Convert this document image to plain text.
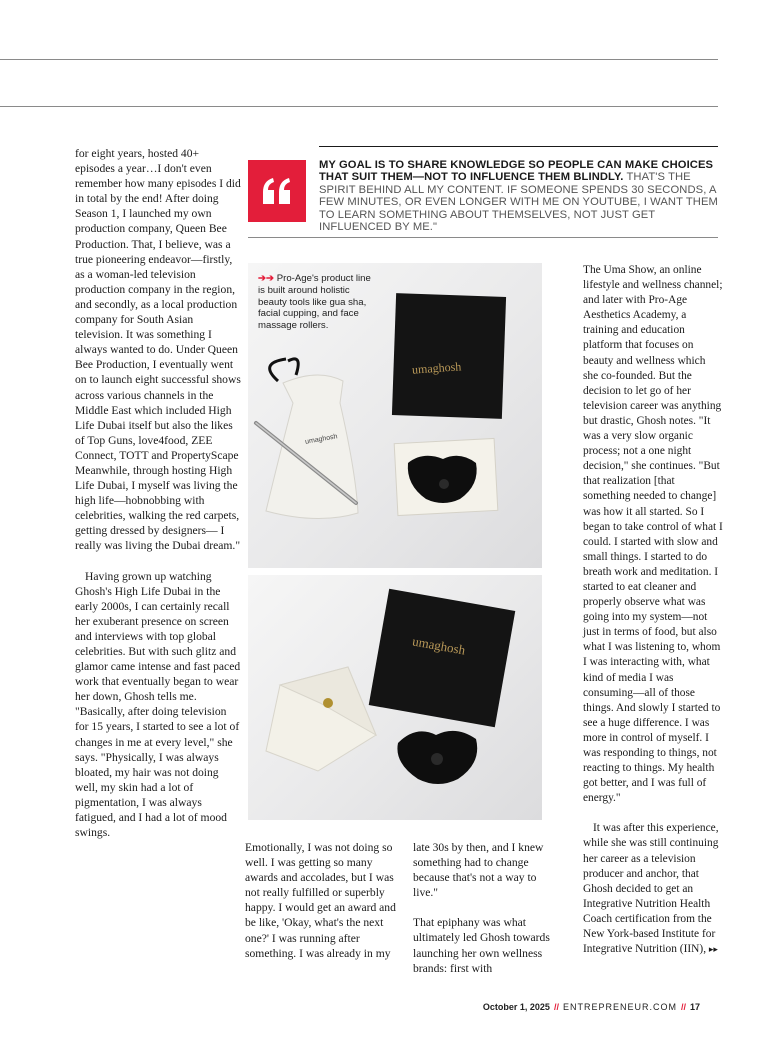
for eight years, hosted 40+ episodes a year…I don't even remember how many episodes I did in total by the end! After doing Season 1, I launched my own production company, Queen Bee Production. That, I believe, was a true pioneering endeavor—firstly, as a woman-led television production company in the region, and secondly, as a local production company for South Asian television. It was something I always wanted to do. Under Queen Bee Production, I eventually went on to launch eight successful shows across various channels in the Middle East which included High Life Dubai itself but also the likes of Top Guns, love4food, ZEE Connect, TOTT and PropertyScape Meanwhile, through hosting High Life Dubai, I myself was living the high life—hobnobbing with celebrities, walking the red carpets, getting dressed by designers— I really was living the Dubai dream."

Having grown up watching Ghosh's High Life Dubai in the early 2000s, I can certainly recall her exuberant presence on screen and interviews with top global celebrities. But with such glitz and glamor came intense and fast paced work that eventually began to wear her down, Ghosh tells me. "Basically, after doing television for 15 years, I started to see a lot of changes in me at every level," she says. "Physically, I was always bloated, my hair was not doing well, my skin had a lot of pigmentation, I was always fatigued, and I had a lot of mood swings.

MY GOAL IS TO SHARE KNOWLEDGE SO PEOPLE CAN MAKE CHOICES THAT SUIT THEM—NOT TO INFLUENCE THEM BLINDLY. THAT'S THE SPIRIT BEHIND ALL MY CONTENT. IF SOMEONE SPENDS 30 SECONDS, A FEW MINUTES, OR EVEN LONGER WITH ME ON YOUTUBE, I WANT THEM TO LEARN SOMETHING ABOUT THEMSELVES, NOT JUST GET INFLUENCED BY ME."
umaghosh
umaghosh
➔➔ Pro-Age's product line is built around holistic beauty tools like gua sha, facial cupping, and face massage rollers.
umaghosh

The Uma Show, an online lifestyle and wellness channel; and later with Pro-Age Aesthetics Academy, a training and education platform that focuses on beauty and wellness which she co-founded. But the decision to let go of her television career was anything but drastic, Ghosh notes. "It was a very slow organic process; not a one night decision," she continues. "But that realization [that something needed to change] was how it all started. So I began to take control of what I could. I started with slow and small things. I started to do breath work and meditation. I started to eat cleaner and properly observe what was going into my system—not just in terms of food, but also what I was listening to, whom I was interacting with, what kind of media I was consuming—all of those things. And slowly I started to see a huge difference. I was more in control of myself. I was responding to things, not reacting to things. My health got better, and I was full of energy."

It was after this experience, while she was still continuing her career as a television producer and anchor, that Ghosh decided to get an Integrative Nutrition Health Coach certification from the New York-based Institute for Integrative Nutrition (IIN), ▸▸

Emotionally, I was not doing so well. I was getting so many awards and accolades, but I was not really fulfilled or superbly happy. I would get an award and be like, 'Okay, what's the next one?' I was running after something. I was already in my

late 30s by then, and I knew something had to change because that's not a way to live."

That epiphany was what ultimately led Ghosh towards launching her own wellness brands: first with

October 1, 2025 // ENTREPRENEUR.COM // 17
